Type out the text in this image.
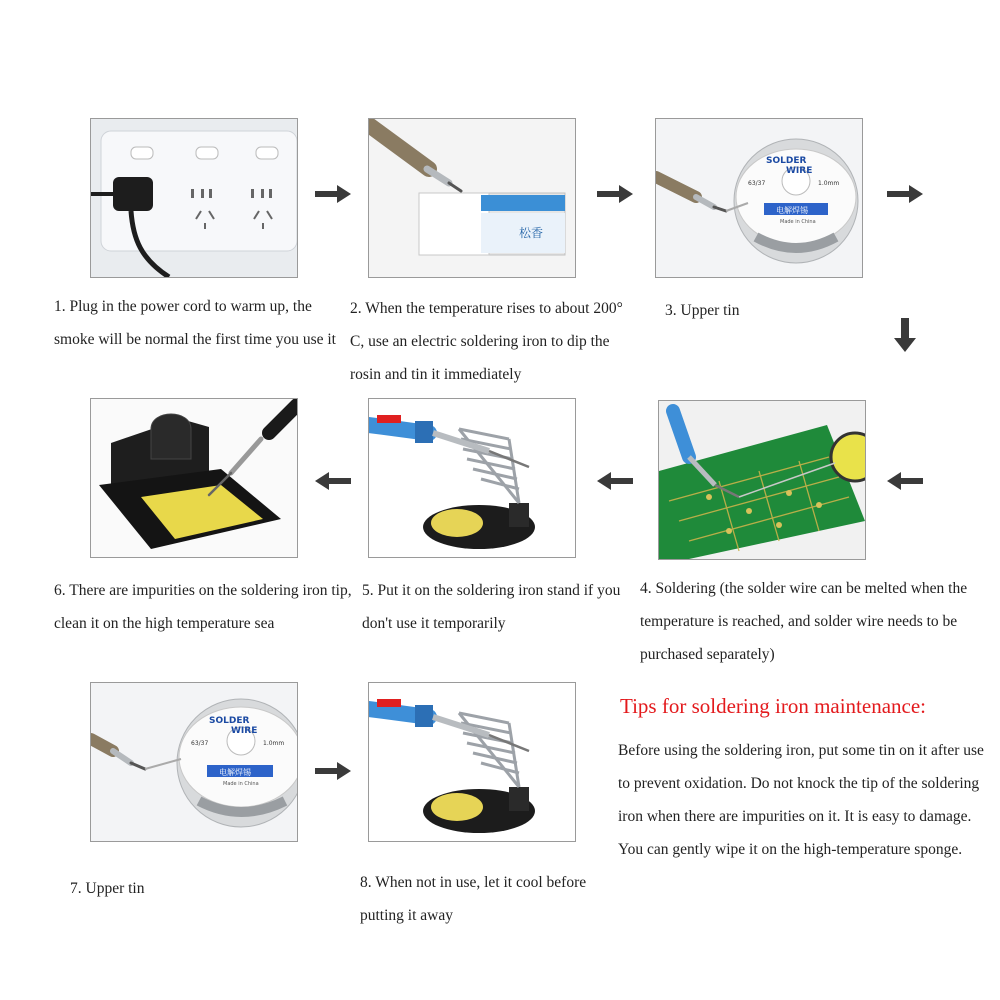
松香
SOLDER
WIRE
63/37	1.0mm
电解焊锡
Made in China
1. Plug in the power cord to warm up, the smoke will be normal the first time you use it
2. When the temperature rises to about 200° C, use an electric soldering iron to dip the rosin and tin it immediately
3. Upper tin
6. There are impurities on the soldering iron tip, clean it on the high temperature sea
5. Put it on the soldering iron stand if you don't use it temporarily
4. Soldering (the solder wire can be melted when the temperature is reached, and solder wire needs to be purchased separately)
SOLDER
WIRE
63/37	1.0mm
电解焊锡
Made in China
7. Upper tin	8. When not in use, let it cool before putting it away
Tips for soldering iron maintenance:
Before using the soldering iron, put some tin on it after use to prevent oxidation. Do not knock the tip of the soldering iron when there are impurities on it. It is easy to damage. You can gently wipe it on the high-temperature sponge.
